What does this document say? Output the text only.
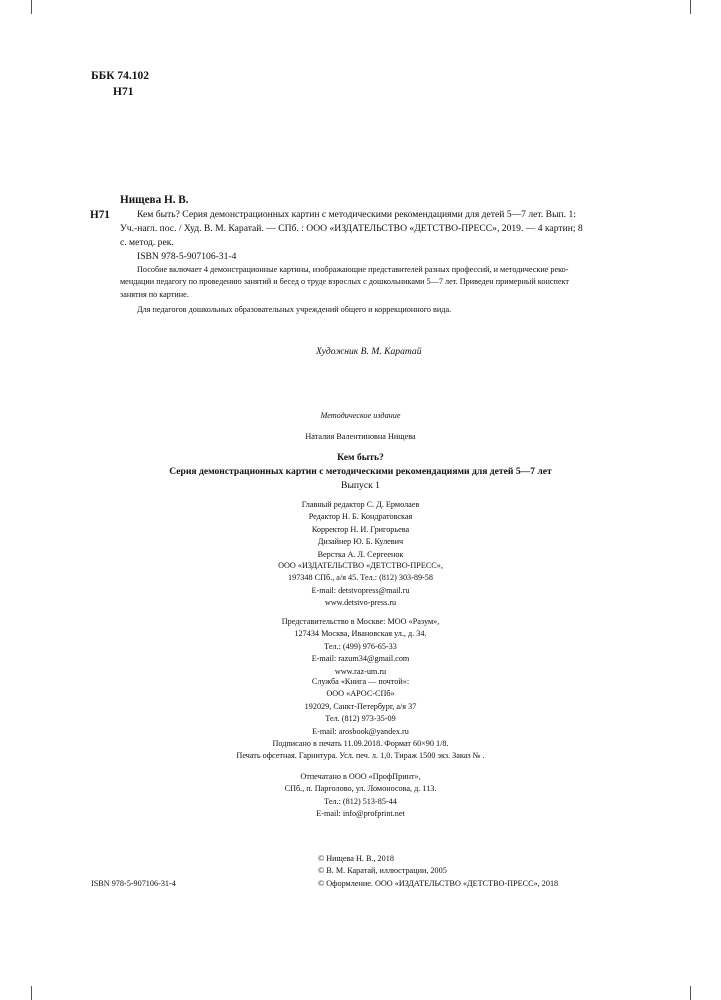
ББК 74.102
Н71
Нищева Н. В.
Н71	Кем быть? Серия демонстрационных картин с методическими рекомендациями для детей 5—7 лет. Вып. 1:
Уч.-нагл. пос. / Худ. В. М. Каратай. — СПб. : ООО «ИЗДАТЕЛЬСТВО «ДЕТСТВО-ПРЕСС», 2019. — 4 картин; 8
с. метод. рек.
ISBN 978-5-907106-31-4
Пособие включает 4 демонстрационные картины, изображающие представителей разных профессий, и методические реко-
мендации педагогу по проведению занятий и бесед о труде взрослых с дошкольниками 5—7 лет. Приведен примерный конспект
занятия по картине.
Для педагогов дошкольных образовательных учреждений общего и коррекционного вида.
Художник В. М. Каратай
Методическое издание
Наталия Валентиновна Нищева
Кем быть?
Серия демонстрационных картин с методическими рекомендациями для детей 5—7 лет
Выпуск 1
Главный редактор С. Д. Ермолаев
Редактор Н. Б. Кондратовская
Корректор Н. И. Григорьева
Дизайнер Ю. Б. Кулевич
Верстка А. Л. Сергеенок
ООО «ИЗДАТЕЛЬСТВО «ДЕТСТВО-ПРЕСС»,
197348 СПб., а/я 45. Тел.: (812) 303-89-58
E-mail: detstvopress@mail.ru
www.detstvo-press.ru
Представительство в Москве: МОО «Разум»,
127434 Москва, Ивановская ул., д. 34.
Тел.: (499) 976-65-33
E-mail: razum34@gmail.com
www.raz-um.ru
Служба «Книга — почтой»:
ООО «АРОС-СПб»
192029, Санкт-Петербург, а/я 37
Тел. (812) 973-35-09
E-mail: arosbook@yandex.ru
Подписано в печать 11.09.2018. Формат 60×90 1/8.
Печать офсетная. Гарнитура. Усл. печ. л. 1,0. Тираж 1500 экз. Заказ № .
Отпечатано в ООО «ПрофПринт»,
СПб., п. Парголово, ул. Ломоносова, д. 113.
Тел.: (812) 513-85-44
E-mail: info@profprint.net
ISBN 978-5-907106-31-4
© Нищева Н. В., 2018
© В. М. Каратай, иллюстрации, 2005
© Оформление. ООО «ИЗДАТЕЛЬСТВО «ДЕТСТВО-ПРЕСС», 2018
